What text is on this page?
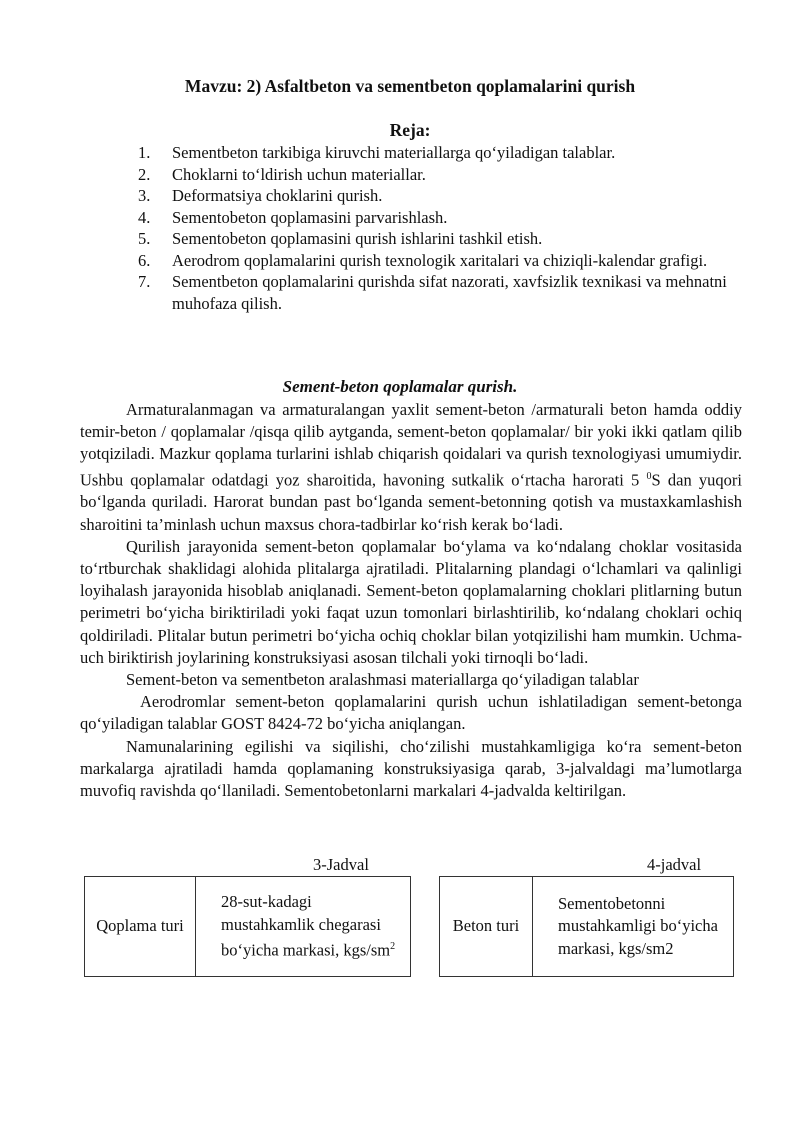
Mavzu: 2) Asfaltbeton va sementbeton qoplamalarini qurish
Reja:
1.	Sementbeton tarkibiga kiruvchi materiallarga qo‘yiladigan talablar.
2.	Choklarni to‘ldirish uchun materiallar.
3.	Deformatsiya choklarini qurish.
4.	Sementobeton qoplamasini parvarishlash.
5.	Sementobeton qoplamasini qurish ishlarini tashkil etish.
6.	Aerodrom qoplamalarini qurish texnologik xaritalari va chiziqli-kalendar grafigi.
7.	Sementbeton qoplamalarini qurishda sifat nazorati, xavfsizlik texnikasi va mehnatni muhofaza qilish.
Sement-beton qoplamalar qurish.

Armaturalanmagan va armaturalangan yaxlit sement-beton /armaturali beton hamda oddiy temir-beton / qoplamalar /qisqa qilib aytganda, sement-beton qoplamalar/ bir yoki ikki qatlam qilib yotqiziladi. Mazkur qoplama turlarini ishlab chiqarish qoidalari va qurish texnologiyasi umumiydir. Ushbu qoplamalar odatdagi yoz sharoitida, havoning sutkalik o‘rtacha harorati 5 $^0$S dan yuqori bo‘lganda quriladi. Harorat bundan past bo‘lganda sement-betonning qotish va mustaxkamlashish sharoitini ta’minlash uchun maxsus chora-tadbirlar ko‘rish kerak bo‘ladi.

Qurilish jarayonida sement-beton qoplamalar bo‘ylama va ko‘ndalang choklar vositasida to‘rtburchak shaklidagi alohida plitalarga ajratiladi. Plitalarning plandagi o‘lchamlari va qalinligi loyihalash jarayonida hisoblab aniqlanadi. Sement-beton qoplamalarning choklari plitlarning butun perimetri bo‘yicha biriktiriladi yoki faqat uzun tomonlari birlashtirilib, ko‘ndalang choklari ochiq qoldiriladi. Plitalar butun perimetri bo‘yicha ochiq choklar bilan yotqizilishi ham mumkin. Uchma-uch biriktirish joylarining konstruksiyasi asosan tilchali yoki tirnoqli bo‘ladi.

Sement-beton va sementbeton aralashmasi materiallarga qo‘yiladigan talablar

Aerodromlar sement-beton qoplamalarini qurish uchun ishlatiladigan sement-betonga qo‘yiladigan talablar GOST 8424-72 bo‘yicha aniqlangan.

Namunalarining egilishi va siqilishi, cho‘zilishi mustahkamligiga ko‘ra sement-beton markalarga ajratiladi hamda qoplamaning konstruksiyasiga qarab, 3-jalvaldagi ma’lumotlarga muvofiq ravishda qo‘llaniladi. Sementobetonlarni markalari 4-jadvalda keltirilgan.

3-Jadval	4-jadval
Qoplama turi	28-sut-kadagi mustahkamlik chegarasi bo‘yicha markasi, kgs/$sm^2$
Beton turi	Sementobetonni mustahkamligi bo‘yicha markasi, kgs/sm2
